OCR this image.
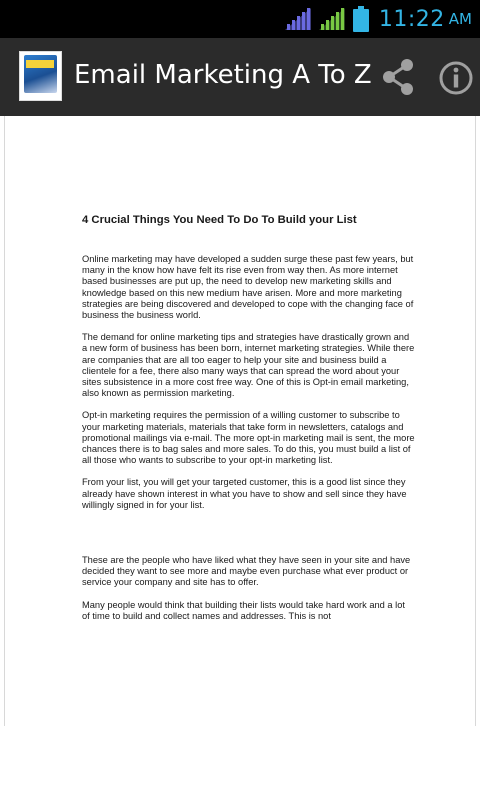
11:22 AM
Email Marketing A To Z
4 Crucial Things You Need To Do To Build your List

Online marketing may have developed a sudden surge these past few years, but many in the know how have felt its rise even from way then. As more internet based businesses are put up, the need to develop new marketing skills and knowledge based on this new medium have arisen. More and more marketing strategies are being discovered and developed to cope with the changing face of business the business world.

The demand for online marketing tips and strategies have drastically grown and a new form of business has been born, internet marketing strategies. While there are companies that are all too eager to help your site and business build a clientele for a fee, there also many ways that can spread the word about your sites subsistence in a more cost free way. One of this is Opt-in email marketing, also known as permission marketing.

Opt-in marketing requires the permission of a willing customer to subscribe to your marketing materials, materials that take form in newsletters, catalogs and promotional mailings via e-mail. The more opt-in marketing mail is sent, the more chances there is to bag sales and more sales. To do this, you must build a list of all those who wants to subscribe to your opt-in marketing list.

From your list, you will get your targeted customer, this is a good list since they already have shown interest in what you have to show and sell since they have willingly signed in for your list.

These are the people who have liked what they have seen in your site and have decided they want to see more and maybe even purchase what ever product or service your company and site has to offer.

Many people would think that building their lists would take hard work and a lot of time to build and collect names and addresses. This is not
